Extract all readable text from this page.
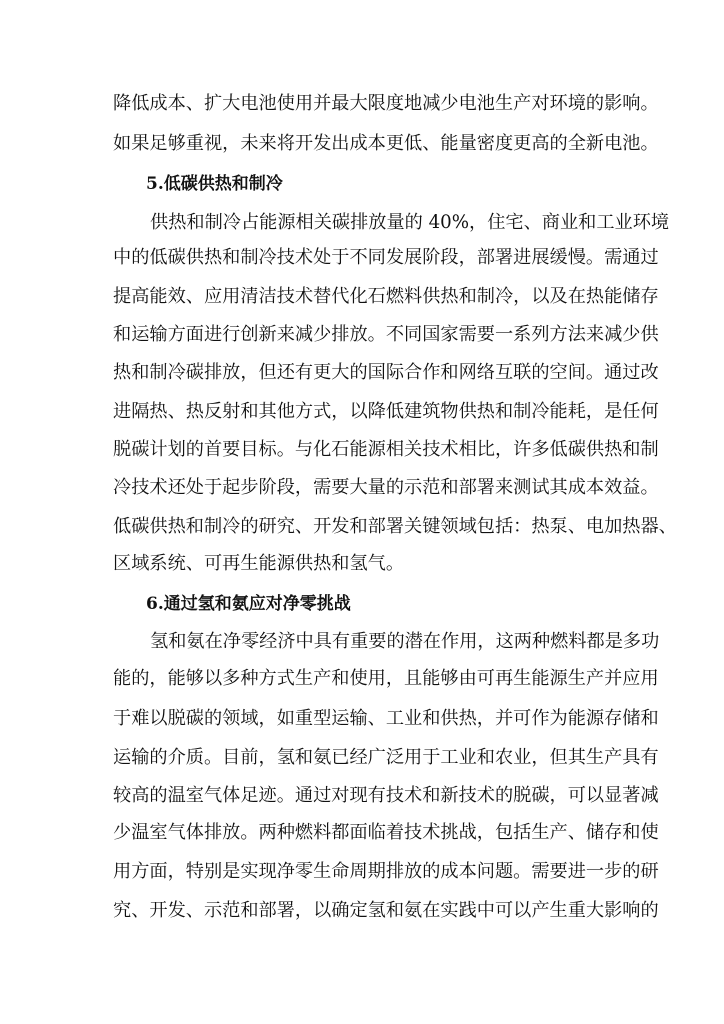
降低成本、扩大电池使用并最大限度地减少电池生产对环境的影响。
如果足够重视，未来将开发出成本更低、能量密度更高的全新电池。
5.低碳供热和制冷
供热和制冷占能源相关碳排放量的 40%，住宅、商业和工业环境
中的低碳供热和制冷技术处于不同发展阶段，部署进展缓慢。需通过
提高能效、应用清洁技术替代化石燃料供热和制冷，以及在热能储存
和运输方面进行创新来减少排放。不同国家需要一系列方法来减少供
热和制冷碳排放，但还有更大的国际合作和网络互联的空间。通过改
进隔热、热反射和其他方式，以降低建筑物供热和制冷能耗，是任何
脱碳计划的首要目标。与化石能源相关技术相比，许多低碳供热和制
冷技术还处于起步阶段，需要大量的示范和部署来测试其成本效益。
低碳供热和制冷的研究、开发和部署关键领域包括：热泵、电加热器、
区域系统、可再生能源供热和氢气。
6.通过氢和氨应对净零挑战
氢和氨在净零经济中具有重要的潜在作用，这两种燃料都是多功
能的，能够以多种方式生产和使用，且能够由可再生能源生产并应用
于难以脱碳的领域，如重型运输、工业和供热，并可作为能源存储和
运输的介质。目前，氢和氨已经广泛用于工业和农业，但其生产具有
较高的温室气体足迹。通过对现有技术和新技术的脱碳，可以显著减
少温室气体排放。两种燃料都面临着技术挑战，包括生产、储存和使
用方面，特别是实现净零生命周期排放的成本问题。需要进一步的研
究、开发、示范和部署，以确定氢和氨在实践中可以产生重大影响的
